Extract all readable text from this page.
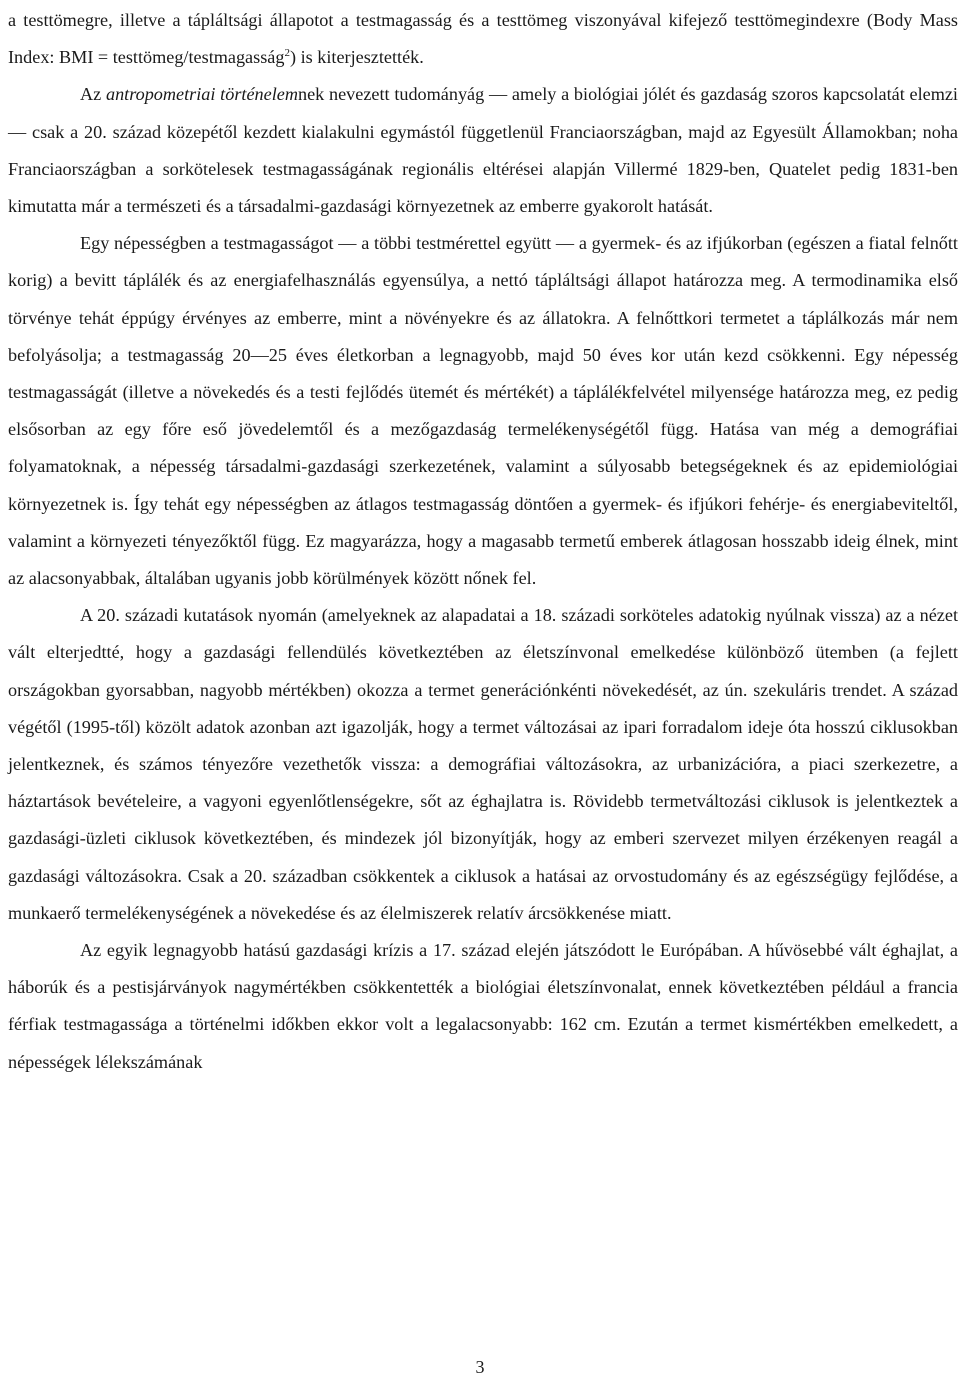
a testtömegre, illetve a tápláltsági állapotot a testmagasság és a testtömeg viszonyával kifejező testtömegindexre (Body Mass Index: BMI = testtömeg/testmagasság$^2$) is kiterjesztették.

Az antropometriai történelemnek nevezett tudományág ― amely a biológiai jólét és gazdaság szoros kapcsolatát elemzi ― csak a 20. század közepétől kezdett kialakulni egymástól függetlenül Franciaországban, majd az Egyesült Államokban; noha Franciaországban a sorkötelesek testmagasságának regionális eltérései alapján Villermé 1829-ben, Quatelet pedig 1831-ben kimutatta már a természeti és a társadalmi-gazdasági környezetnek az emberre gyakorolt hatását.

Egy népességben a testmagasságot ― a többi testmérettel együtt ― a gyermek- és az ifjúkorban (egészen a fiatal felnőtt korig) a bevitt táplálék és az energiafelhasználás egyensúlya, a nettó tápláltsági állapot határozza meg. A termodinamika első törvénye tehát éppúgy érvényes az emberre, mint a növényekre és az állatokra. A felnőttkori termetet a táplálkozás már nem befolyásolja; a testmagasság 20―25 éves életkorban a legnagyobb, majd 50 éves kor után kezd csökkenni. Egy népesség testmagasságát (illetve a növekedés és a testi fejlődés ütemét és mértékét) a táplálékfelvétel milyensége határozza meg, ez pedig elsősorban az egy főre eső jövedelemtől és a mezőgazdaság termelékenységétől függ. Hatása van még a demográfiai folyamatoknak, a népesség társadalmi-gazdasági szerkezetének, valamint a súlyosabb betegségeknek és az epidemiológiai környezetnek is. Így tehát egy népességben az átlagos testmagasság döntően a gyermek- és ifjúkori fehérje- és energiabeviteltől, valamint a környezeti tényezőktől függ. Ez magyarázza, hogy a magasabb termetű emberek átlagosan hosszabb ideig élnek, mint az alacsonyabbak, általában ugyanis jobb körülmények között nőnek fel.

A 20. századi kutatások nyomán (amelyeknek az alapadatai a 18. századi sorköteles adatokig nyúlnak vissza) az a nézet vált elterjedtté, hogy a gazdasági fellendülés következtében az életszínvonal emelkedése különböző ütemben (a fejlett országokban gyorsabban, nagyobb mértékben) okozza a termet generációnkénti növekedését, az ún. szekuláris trendet. A század végétől (1995-től) közölt adatok azonban azt igazolják, hogy a termet változásai az ipari forradalom ideje óta hosszú ciklusokban jelentkeznek, és számos tényezőre vezethetők vissza: a demográfiai változásokra, az urbanizációra, a piaci szerkezetre, a háztartások bevételeire, a vagyoni egyenlőtlenségekre, sőt az éghajlatra is. Rövidebb termetváltozási ciklusok is jelentkeztek a gazdasági-üzleti ciklusok következtében, és mindezek jól bizonyítják, hogy az emberi szervezet milyen érzékenyen reagál a gazdasági változásokra. Csak a 20. században csökkentek a ciklusok a hatásai az orvostudomány és az egészségügy fejlődése, a munkaerő termelékenységének a növekedése és az élelmiszerek relatív árcsökkenése miatt.

Az egyik legnagyobb hatású gazdasági krízis a 17. század elején játszódott le Európában. A hűvösebbé vált éghajlat, a háborúk és a pestisjárványok nagymértékben csökkentették a biológiai életszínvonalat, ennek következtében például a francia férfiak testmagassága a történelmi időkben ekkor volt a legalacsonyabb: 162 cm. Ezután a termet kismértékben emelkedett, a népességek lélekszámának

3
